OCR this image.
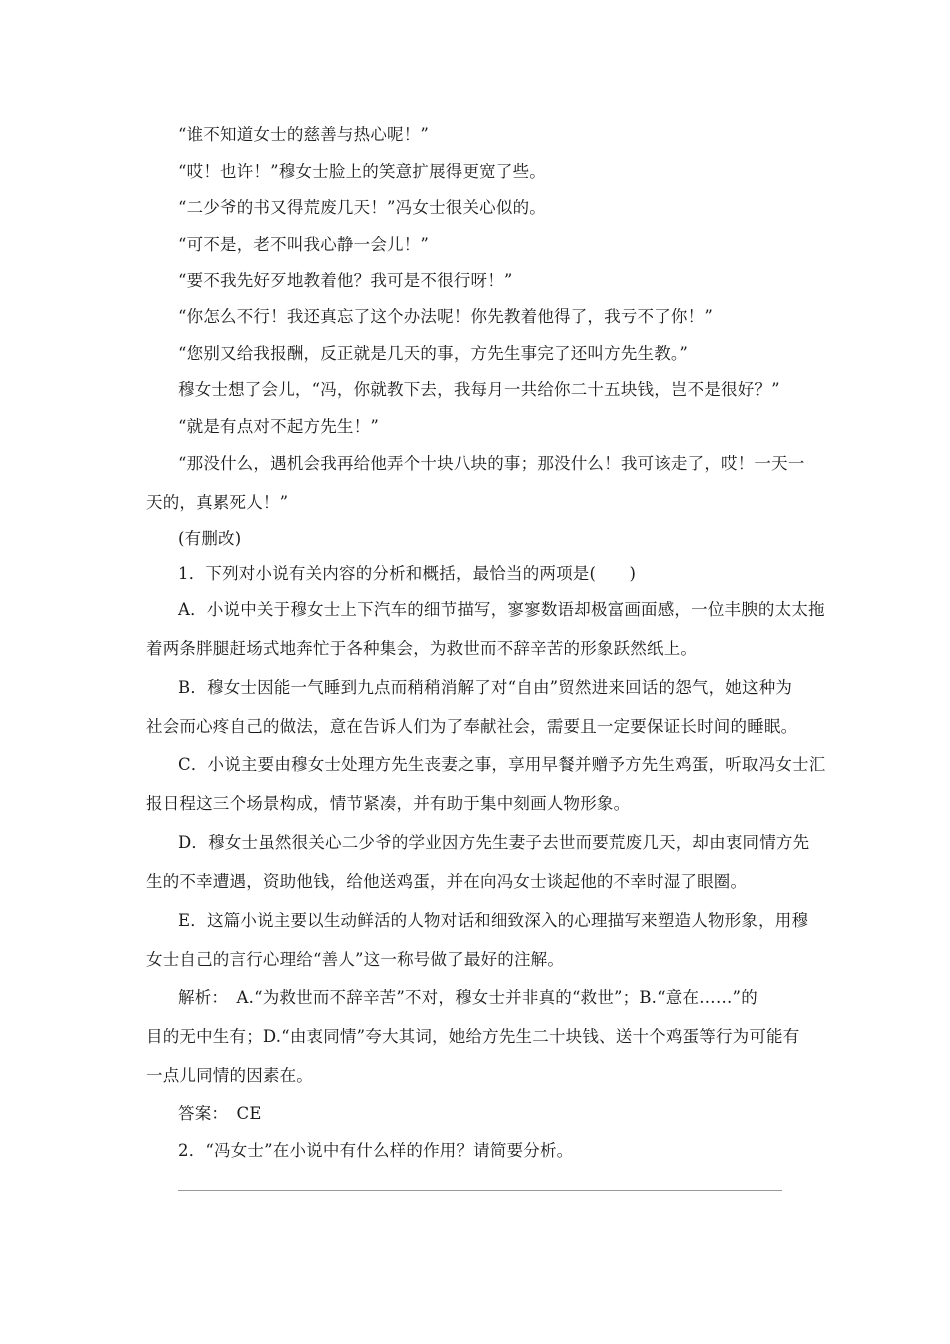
“谁不知道女士的慈善与热心呢！”
“哎！也许！”穆女士脸上的笑意扩展得更宽了些。
“二少爷的书又得荒废几天！”冯女士很关心似的。
“可不是，老不叫我心静一会儿！”
“要不我先好歹地教着他？我可是不很行呀！”
“你怎么不行！我还真忘了这个办法呢！你先教着他得了，我亏不了你！”
“您别又给我报酬，反正就是几天的事，方先生事完了还叫方先生教。”
穆女士想了会儿，“冯，你就教下去，我每月一共给你二十五块钱，岂不是很好？”
“就是有点对不起方先生！”
“那没什么，遇机会我再给他弄个十块八块的事；那没什么！我可该走了，哎！一天一
天的，真累死人！”
(有删改)
1．下列对小说有关内容的分析和概括，最恰当的两项是(　　)
A．小说中关于穆女士上下汽车的细节描写，寥寥数语却极富画面感，一位丰腴的太太拖
着两条胖腿赶场式地奔忙于各种集会，为救世而不辞辛苦的形象跃然纸上。
B．穆女士因能一气睡到九点而稍稍消解了对“自由”贸然进来回话的怨气，她这种为
社会而心疼自己的做法，意在告诉人们为了奉献社会，需要且一定要保证长时间的睡眠。
C．小说主要由穆女士处理方先生丧妻之事，享用早餐并赠予方先生鸡蛋，听取冯女士汇
报日程这三个场景构成，情节紧凑，并有助于集中刻画人物形象。
D．穆女士虽然很关心二少爷的学业因方先生妻子去世而要荒废几天，却由衷同情方先
生的不幸遭遇，资助他钱，给他送鸡蛋，并在向冯女士谈起他的不幸时湿了眼圈。
E．这篇小说主要以生动鲜活的人物对话和细致深入的心理描写来塑造人物形象，用穆
女士自己的言行心理给“善人”这一称号做了最好的注解。
解析：　A.“为救世而不辞辛苦”不对，穆女士并非真的“救世”；B.“意在……”的
目的无中生有；D.“由衷同情”夸大其词，她给方先生二十块钱、送十个鸡蛋等行为可能有
一点儿同情的因素在。
答案：　CE
2．“冯女士”在小说中有什么样的作用？请简要分析。
